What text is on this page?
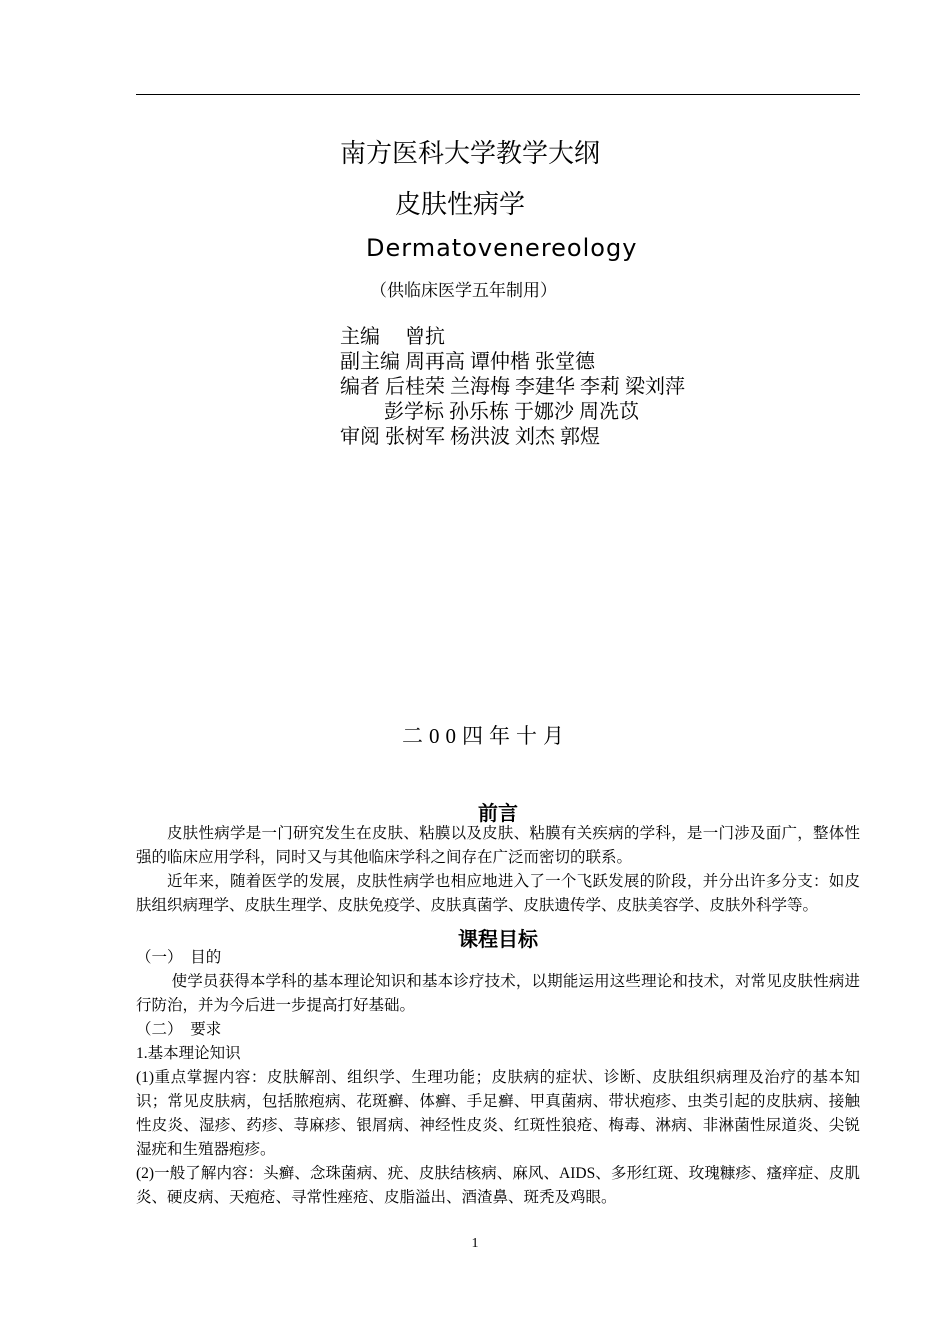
南方医科大学教学大纲
皮肤性病学
Dermatovenereology
（供临床医学五年制用）
主编　 曾抗
副主编 周再高 谭仲楷 张堂德
编者 后桂荣 兰海梅 李建华 李莉 梁刘萍
彭学标 孙乐栋 于娜沙 周冼苡
审阅 张树军 杨洪波 刘杰 郭煜
二00四年十月
前言

皮肤性病学是一门研究发生在皮肤、粘膜以及皮肤、粘膜有关疾病的学科，是一门涉及面广，整体性强的临床应用学科，同时又与其他临床学科之间存在广泛而密切的联系。

近年来，随着医学的发展，皮肤性病学也相应地进入了一个飞跃发展的阶段，并分出许多分支：如皮肤组织病理学、皮肤生理学、皮肤免疫学、皮肤真菌学、皮肤遗传学、皮肤美容学、皮肤外科学等。

课程目标

（一）　目的

使学员获得本学科的基本理论知识和基本诊疗技术，以期能运用这些理论和技术，对常见皮肤性病进行防治，并为今后进一步提高打好基础。

（二）　要求

1.基本理论知识

(1)重点掌握内容：皮肤解剖、组织学、生理功能；皮肤病的症状、诊断、皮肤组织病理及治疗的基本知识；常见皮肤病，包括脓疱病、花斑癣、体癣、手足癣、甲真菌病、带状疱疹、虫类引起的皮肤病、接触性皮炎、湿疹、药疹、荨麻疹、银屑病、神经性皮炎、红斑性狼疮、梅毒、淋病、非淋菌性尿道炎、尖锐湿疣和生殖器疱疹。

(2)一般了解内容：头癣、念珠菌病、疣、皮肤结核病、麻风、AIDS、多形红斑、玫瑰糠疹、瘙痒症、皮肌炎、硬皮病、天疱疮、寻常性痤疮、皮脂溢出、酒渣鼻、斑秃及鸡眼。

1
